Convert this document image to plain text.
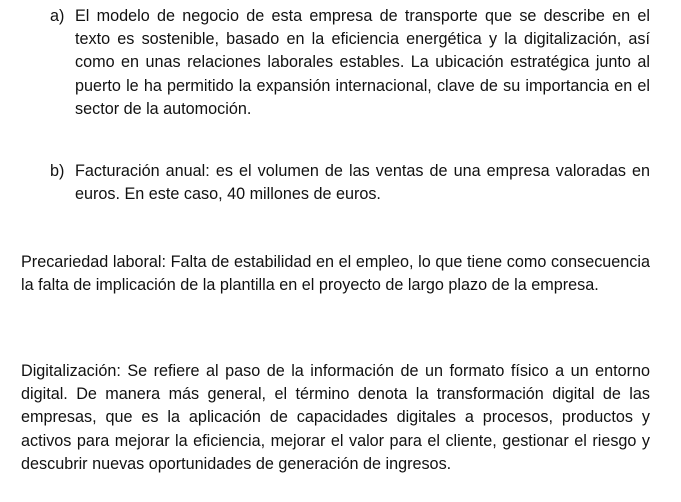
a) El modelo de negocio de esta empresa de transporte que se describe en el texto es sostenible, basado en la eficiencia energética y la digitalización, así como en unas relaciones laborales estables. La ubicación estratégica junto al puerto le ha permitido la expansión internacional, clave de su importancia en el sector de la automoción.
b) Facturación anual: es el volumen de las ventas de una empresa valoradas en euros. En este caso, 40 millones de euros.

Precariedad laboral: Falta de estabilidad en el empleo, lo que tiene como consecuencia la falta de implicación de la plantilla en el proyecto de largo plazo de la empresa.

Digitalización: Se refiere al paso de la información de un formato físico a un entorno digital. De manera más general, el término denota la transformación digital de las empresas, que es la aplicación de capacidades digitales a procesos, productos y activos para mejorar la eficiencia, mejorar el valor para el cliente, gestionar el riesgo y descubrir nuevas oportunidades de generación de ingresos.
